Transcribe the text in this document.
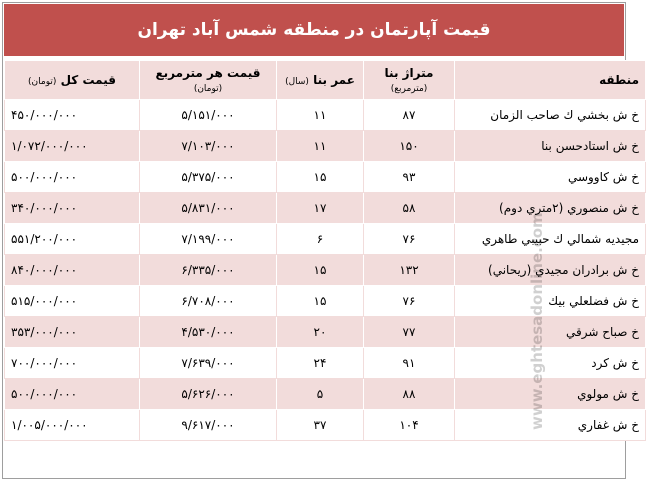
قیمت آپارتمان در منطقه شمس آباد تهران
منطقه	متراژ بنا (مترمربع)	عمر بنا (سال)	قیمت هر مترمربع (تومان)	قیمت کل (تومان)
خ ش بخشي ك صاحب الزمان	۸۷	۱۱	۵/۱۵۱/۰۰۰	۴۵۰/۰۰۰/۰۰۰
خ ش استادحسن بنا	۱۵۰	۱۱	۷/۱۰۳/۰۰۰	۱/۰۷۲/۰۰۰/۰۰۰
خ ش کاووسي	۹۳	۱۵	۵/۳۷۵/۰۰۰	۵۰۰/۰۰۰/۰۰۰
خ ش منصوري (۲متري دوم)	۵۸	۱۷	۵/۸۳۱/۰۰۰	۳۴۰/۰۰۰/۰۰۰
مجيديه شمالي ك حبيبي طاهري	۷۶	۶	۷/۱۹۹/۰۰۰	۵۵۱/۲۰۰/۰۰۰
خ ش برادران مجيدي (ريحاني)	۱۳۲	۱۵	۶/۳۳۵/۰۰۰	۸۴۰/۰۰۰/۰۰۰
خ ش فضلعلي بيك	۷۶	۱۵	۶/۷۰۸/۰۰۰	۵۱۵/۰۰۰/۰۰۰
خ صباح شرقي	۷۷	۲۰	۴/۵۳۰/۰۰۰	۳۵۳/۰۰۰/۰۰۰
خ ش كرد	۹۱	۲۴	۷/۶۳۹/۰۰۰	۷۰۰/۰۰۰/۰۰۰
خ ش مولوي	۸۸	۵	۵/۶۲۶/۰۰۰	۵۰۰/۰۰۰/۰۰۰
خ ش غفاري	۱۰۴	۳۷	۹/۶۱۷/۰۰۰	۱/۰۰۵/۰۰۰/۰۰۰	www.eghtesadonline.com
